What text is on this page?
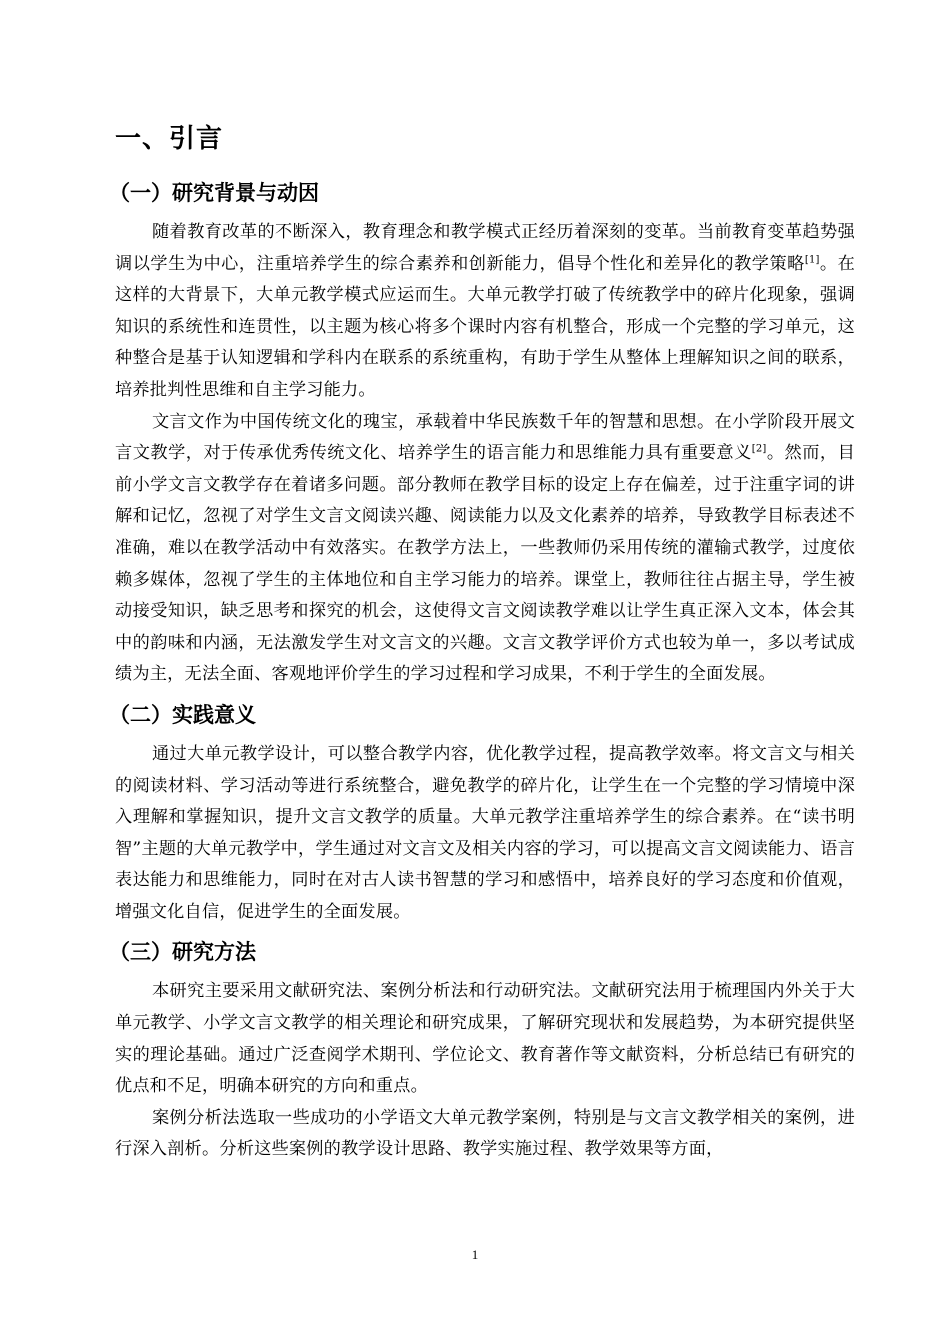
一、引言
（一）研究背景与动因

随着教育改革的不断深入，教育理念和教学模式正经历着深刻的变革。当前教育变革趋势强调以学生为中心，注重培养学生的综合素养和创新能力，倡导个性化和差异化的教学策略[1]。在这样的大背景下，大单元教学模式应运而生。大单元教学打破了传统教学中的碎片化现象，强调知识的系统性和连贯性，以主题为核心将多个课时内容有机整合，形成一个完整的学习单元，这种整合是基于认知逻辑和学科内在联系的系统重构，有助于学生从整体上理解知识之间的联系，培养批判性思维和自主学习能力。

文言文作为中国传统文化的瑰宝，承载着中华民族数千年的智慧和思想。在小学阶段开展文言文教学，对于传承优秀传统文化、培养学生的语言能力和思维能力具有重要意义[2]。然而，目前小学文言文教学存在着诸多问题。部分教师在教学目标的设定上存在偏差，过于注重字词的讲解和记忆，忽视了对学生文言文阅读兴趣、阅读能力以及文化素养的培养，导致教学目标表述不准确，难以在教学活动中有效落实。在教学方法上，一些教师仍采用传统的灌输式教学，过度依赖多媒体，忽视了学生的主体地位和自主学习能力的培养。课堂上，教师往往占据主导，学生被动接受知识，缺乏思考和探究的机会，这使得文言文阅读教学难以让学生真正深入文本，体会其中的韵味和内涵，无法激发学生对文言文的兴趣。文言文教学评价方式也较为单一，多以考试成绩为主，无法全面、客观地评价学生的学习过程和学习成果，不利于学生的全面发展。

（二）实践意义

通过大单元教学设计，可以整合教学内容，优化教学过程，提高教学效率。将文言文与相关的阅读材料、学习活动等进行系统整合，避免教学的碎片化，让学生在一个完整的学习情境中深入理解和掌握知识，提升文言文教学的质量。大单元教学注重培养学生的综合素养。在“读书明智”主题的大单元教学中，学生通过对文言文及相关内容的学习，可以提高文言文阅读能力、语言表达能力和思维能力，同时在对古人读书智慧的学习和感悟中，培养良好的学习态度和价值观，增强文化自信，促进学生的全面发展。

（三）研究方法

本研究主要采用文献研究法、案例分析法和行动研究法。文献研究法用于梳理国内外关于大单元教学、小学文言文教学的相关理论和研究成果，了解研究现状和发展趋势，为本研究提供坚实的理论基础。通过广泛查阅学术期刊、学位论文、教育著作等文献资料，分析总结已有研究的优点和不足，明确本研究的方向和重点。

案例分析法选取一些成功的小学语文大单元教学案例，特别是与文言文教学相关的案例，进行深入剖析。分析这些案例的教学设计思路、教学实施过程、教学效果等方面，

1
